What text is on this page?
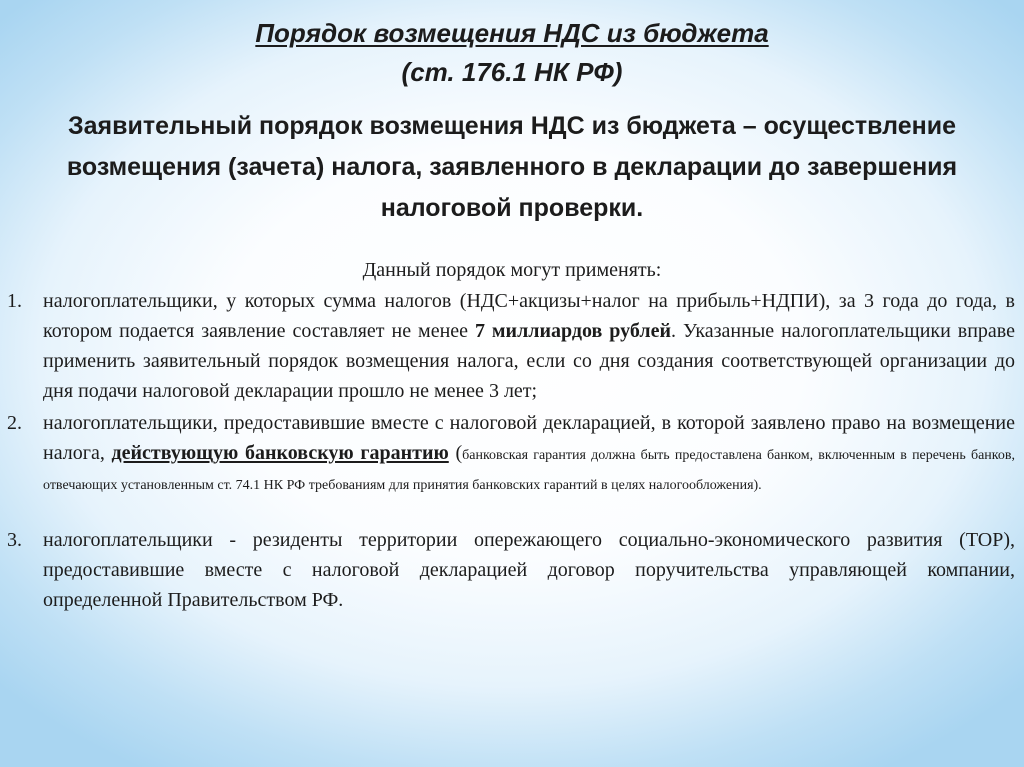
Порядок возмещения НДС из бюджета
(ст. 176.1 НК РФ)

Заявительный порядок возмещения НДС из бюджета – осуществление возмещения (зачета) налога, заявленного в декларации до завершения налоговой проверки.

Данный порядок могут применять:

1. налогоплательщики, у которых сумма налогов (НДС+акцизы+налог на прибыль+НДПИ), за 3 года до года, в котором подается заявление составляет не менее 7 миллиардов рублей. Указанные налогоплательщики вправе применить заявительный порядок возмещения налога, если со дня создания соответствующей организации до дня подачи налоговой декларации прошло не менее 3 лет;
2. налогоплательщики, предоставившие вместе с налоговой декларацией, в которой заявлено право на возмещение налога, действующую банковскую гарантию (банковская гарантия должна быть предоставлена банком, включенным в перечень банков, отвечающих установленным ст. 74.1 НК РФ требованиям для принятия банковских гарантий в целях налогообложения).
3. налогоплательщики - резиденты территории опережающего социально-экономического развития (ТОР), предоставившие вместе с налоговой декларацией договор поручительства управляющей компании, определенной Правительством РФ.
